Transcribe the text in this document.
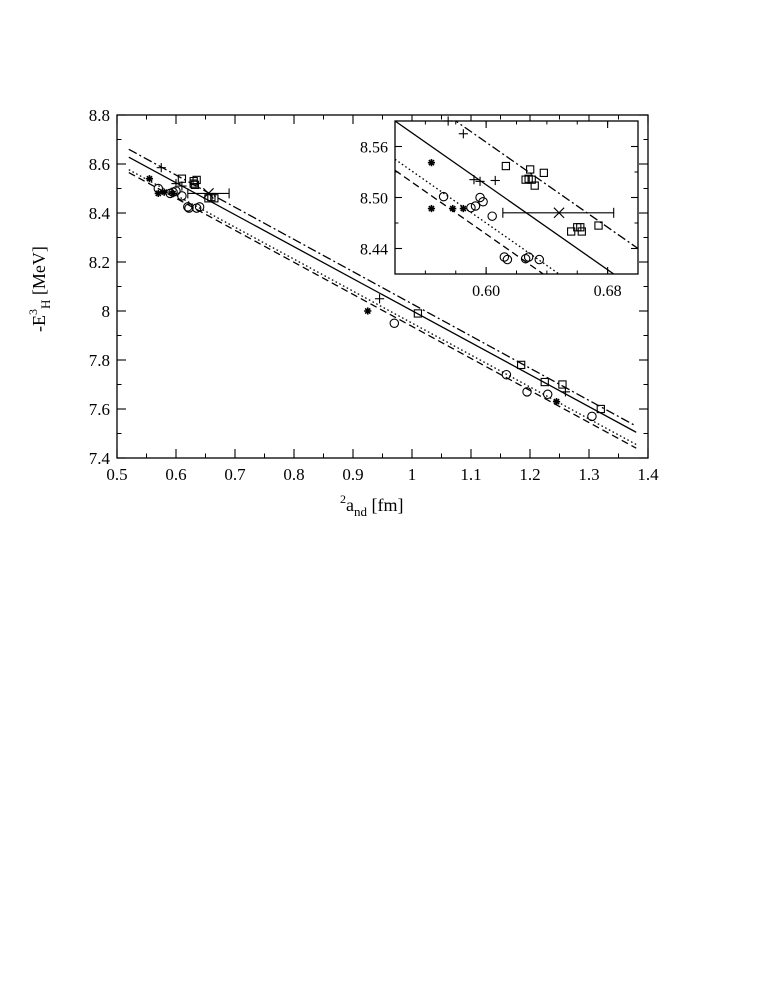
0.5 0.6 0.7 0.8 0.9	1	1.1 1.2 1.3 1.4
7.4
7.6
7.8
8
8.2
8.4
8.6
8.8
$^2a_{nd}$ [fm]
$-E^3_H$ [MeV]	0.60	0.68
8.44
8.50
8.56
